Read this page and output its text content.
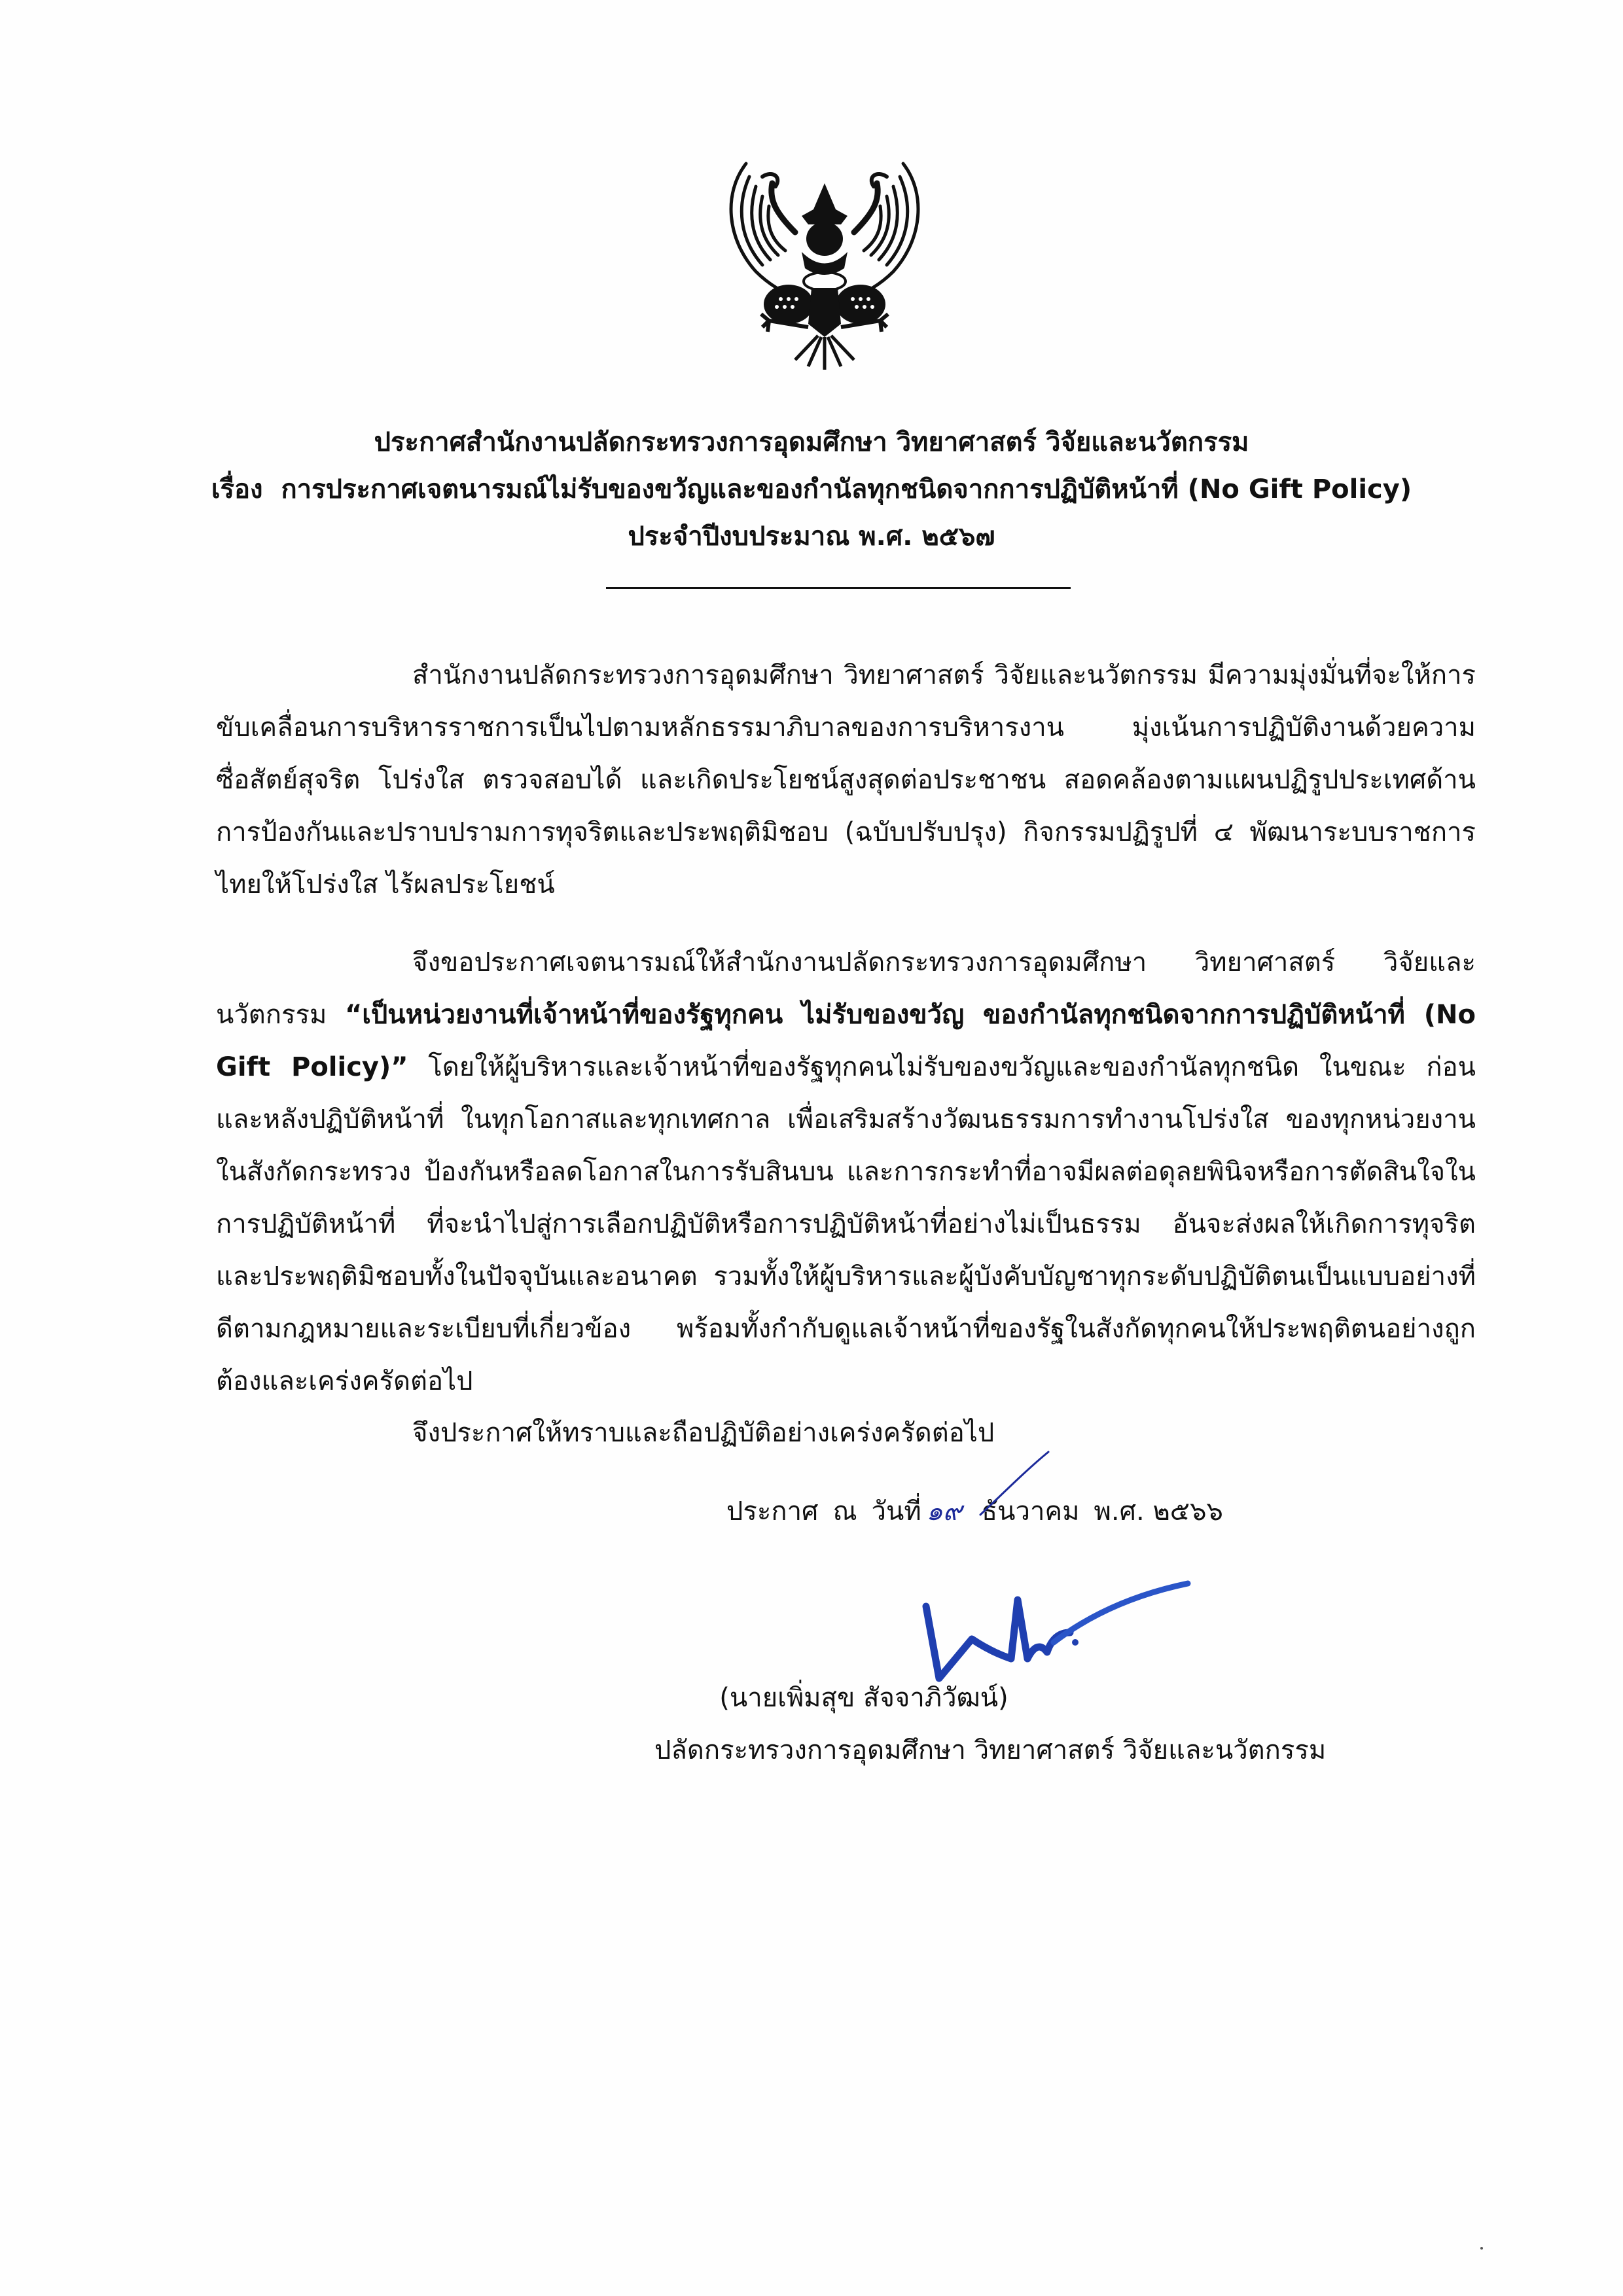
ประกาศสำนักงานปลัดกระทรวงการอุดมศึกษา วิทยาศาสตร์ วิจัยและนวัตกรรม
เรื่อง การประกาศเจตนารมณ์ไม่รับของขวัญและของกำนัลทุกชนิดจากการปฏิบัติหน้าที่ (No Gift Policy)
ประจำปีงบประมาณ พ.ศ. ๒๕๖๗

สำนักงานปลัดกระทรวงการอุดมศึกษา วิทยาศาสตร์ วิจัยและนวัตกรรม มีความมุ่งมั่นที่จะให้การขับเคลื่อนการบริหารราชการเป็นไปตามหลักธรรมาภิบาลของการบริหารงาน มุ่งเน้นการปฏิบัติงานด้วยความซื่อสัตย์สุจริต โปร่งใส ตรวจสอบได้ และเกิดประโยชน์สูงสุดต่อประชาชน สอดคล้องตามแผนปฏิรูปประเทศด้านการป้องกันและปราบปรามการทุจริตและประพฤติมิชอบ (ฉบับปรับปรุง) กิจกรรมปฏิรูปที่ ๔ พัฒนาระบบราชการไทยให้โปร่งใส ไร้ผลประโยชน์

จึงขอประกาศเจตนารมณ์ให้สำนักงานปลัดกระทรวงการอุดมศึกษา วิทยาศาสตร์ วิจัยและนวัตกรรม “เป็นหน่วยงานที่เจ้าหน้าที่ของรัฐทุกคน ไม่รับของขวัญ ของกำนัลทุกชนิดจากการปฏิบัติหน้าที่ (No Gift Policy)” โดยให้ผู้บริหารและเจ้าหน้าที่ของรัฐทุกคนไม่รับของขวัญและของกำนัลทุกชนิด ในขณะ ก่อน และหลังปฏิบัติหน้าที่ ในทุกโอกาสและทุกเทศกาล เพื่อเสริมสร้างวัฒนธรรมการทำงานโปร่งใส ของทุกหน่วยงานในสังกัดกระทรวง ป้องกันหรือลดโอกาสในการรับสินบน และการกระทำที่อาจมีผลต่อดุลยพินิจหรือการตัดสินใจในการปฏิบัติหน้าที่ ที่จะนำไปสู่การเลือกปฏิบัติหรือการปฏิบัติหน้าที่อย่างไม่เป็นธรรม อันจะส่งผลให้เกิดการทุจริตและประพฤติมิชอบทั้งในปัจจุบันและอนาคต รวมทั้งให้ผู้บริหารและผู้บังคับบัญชาทุกระดับปฏิบัติตนเป็นแบบอย่างที่ดีตามกฎหมายและระเบียบที่เกี่ยวข้อง พร้อมทั้งกำกับดูแลเจ้าหน้าที่ของรัฐในสังกัดทุกคนให้ประพฤติตนอย่างถูกต้องและเคร่งครัดต่อไป

จึงประกาศให้ทราบและถือปฏิบัติอย่างเคร่งครัดต่อไป
ประกาศ ณ วันที่ ๑๙ ธันวาคม พ.ศ. ๒๕๖๖
(นายเพิ่มสุข สัจจาภิวัฒน์)
ปลัดกระทรวงการอุดมศึกษา วิทยาศาสตร์ วิจัยและนวัตกรรม
